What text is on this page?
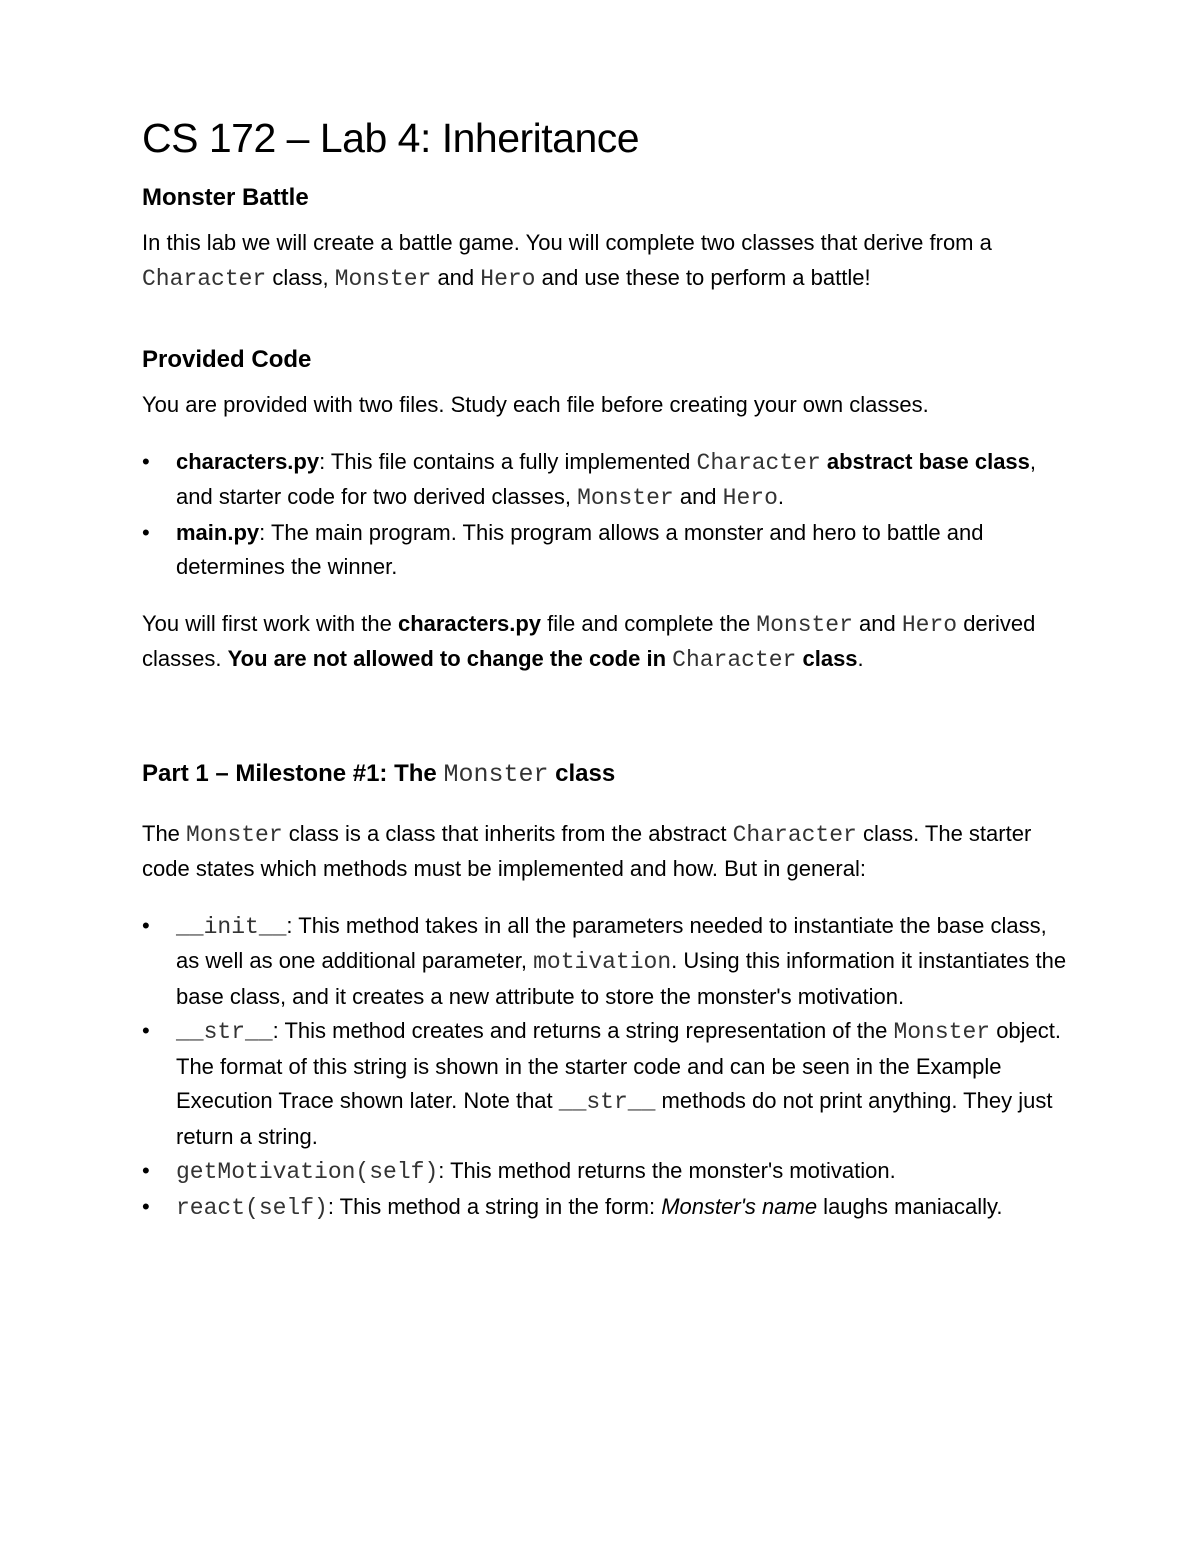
CS 172 – Lab 4: Inheritance
Monster Battle

In this lab we will create a battle game. You will complete two classes that derive from a Character class, Monster and Hero and use these to perform a battle!

Provided Code

You are provided with two files. Study each file before creating your own classes.

•	characters.py: This file contains a fully implemented Character abstract base class, and starter code for two derived classes, Monster and Hero.
•	main.py: The main program. This program allows a monster and hero to battle and determines the winner.

You will first work with the characters.py file and complete the Monster and Hero derived classes. You are not allowed to change the code in Character class.

Part 1 – Milestone #1: The Monster class

The Monster class is a class that inherits from the abstract Character class. The starter code states which methods must be implemented and how. But in general:

•	__init__: This method takes in all the parameters needed to instantiate the base class, as well as one additional parameter, motivation. Using this information it instantiates the base class, and it creates a new attribute to store the monster's motivation.
•	__str__: This method creates and returns a string representation of the Monster object. The format of this string is shown in the starter code and can be seen in the Example Execution Trace shown later. Note that __str__ methods do not print anything. They just return a string.
•	getMotivation(self): This method returns the monster's motivation.
•	react(self): This method a string in the form: Monster's name laughs maniacally.
